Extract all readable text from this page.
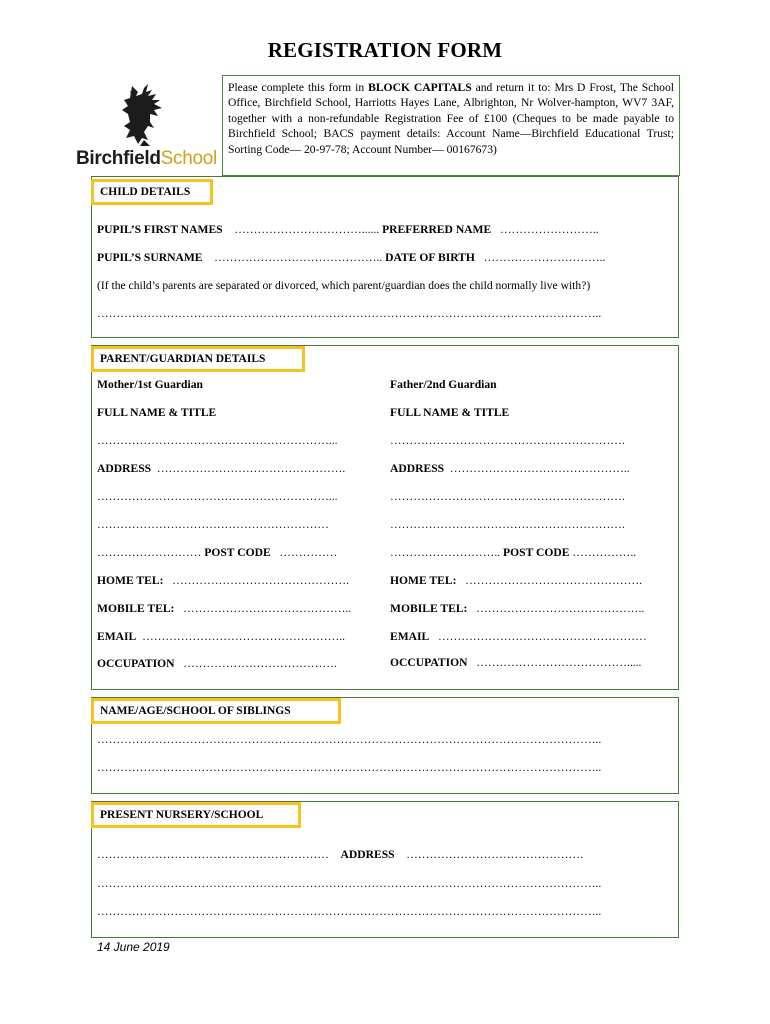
REGISTRATION FORM
BirchfieldSchool
Please complete this form in BLOCK CAPITALS and return it to: Mrs D Frost, The School Office, Birchfield School, Harriotts Hayes Lane, Albrighton, Nr Wolver-hampton, WV7 3AF, together with a non-refundable Registration Fee of £100 (Cheques to be made payable to Birchfield School; BACS payment details: Account Name—Birchfield Educational Trust; Sorting Code— 20-97-78; Account Number— 00167673)
CHILD DETAILS
PUPIL’S FIRST NAMES ……………………………...... PREFERRED NAME ……………………..
PUPIL’S SURNAME …………………………………….. DATE OF BIRTH …………………………..
(If the child’s parents are separated or divorced, which parent/guardian does the child normally live with?)
…………………………………………………………………………………………………………………..
PARENT/GUARDIAN DETAILS
Mother/1st Guardian	Father/2nd Guardian
FULL NAME & TITLE	FULL NAME & TITLE
……………………………………………………...	…………………………………………………….
ADDRESS ………………………………………….	ADDRESS ………………………………………..
……………………………………………………...	…………………………………………………….
……………………………………………………	…………………………………………………….
……………………… POST CODE ……………	……………………….. POST CODE ……………..
HOME TEL: ……………………………………….	HOME TEL: ……………………………………….
MOBILE TEL: ……………………………………..	MOBILE TEL: ……………………………………..
EMAIL ……………………………………………..	EMAIL ………………………………………………
OCCUPATION ………………………………….	OCCUPATION ………………………………….....
NAME/AGE/SCHOOL OF SIBLINGS
…………………………………………………………………………………………………………………..
…………………………………………………………………………………………………………………..
PRESENT NURSERY/SCHOOL
…………………………………………………… ADDRESS ……………………………………….
…………………………………………………………………………………………………………………..
…………………………………………………………………………………………………………………..
14 June 2019
